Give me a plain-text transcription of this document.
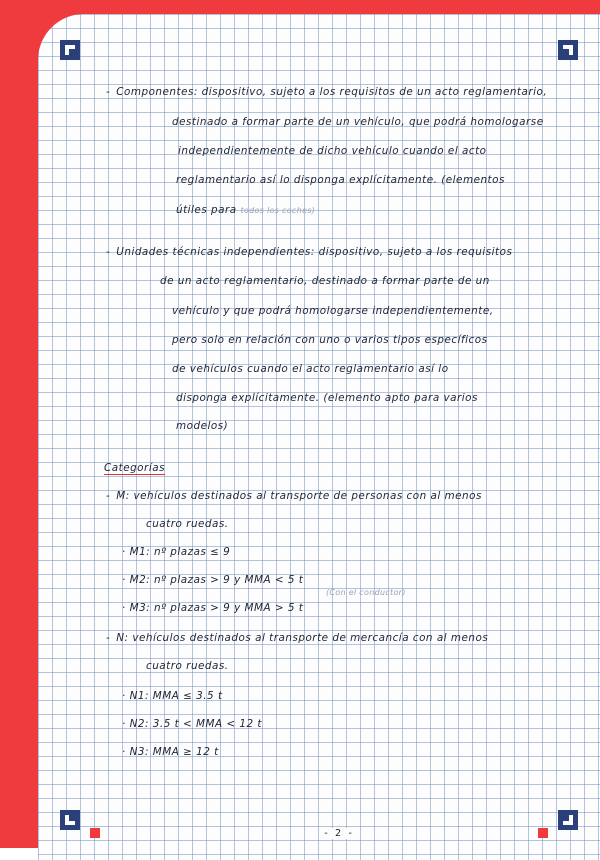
- Componentes: dispositivo, sujeto a los requisitos de un acto reglamentario,
destinado a formar parte de un vehículo, que podrá homologarse
independientemente de dicho vehículo cuando el acto
reglamentario así lo disponga explícitamente. (elementos
útiles para todos los coches)
- Unidades técnicas independientes: dispositivo, sujeto a los requisitos
de un acto reglamentario, destinado a formar parte de un
vehículo y que podrá homologarse independientemente,
pero solo en relación con uno o varios tipos específicos
de vehículos cuando el acto reglamentario así lo
disponga explícitamente. (elemento apto para varios
modelos)
Categorías
- M: vehículos destinados al transporte de personas con al menos
cuatro ruedas.
· M1: nº plazas ≤ 9
· M2: nº plazas > 9 y MMA < 5 t
(Con el conductor)
· M3: nº plazas > 9 y MMA > 5 t
- N: vehículos destinados al transporte de mercancía con al menos
cuatro ruedas.
· N1: MMA ≤ 3.5 t
· N2: 3.5 t < MMA < 12 t
· N3: MMA ≥ 12 t
- 2 -
